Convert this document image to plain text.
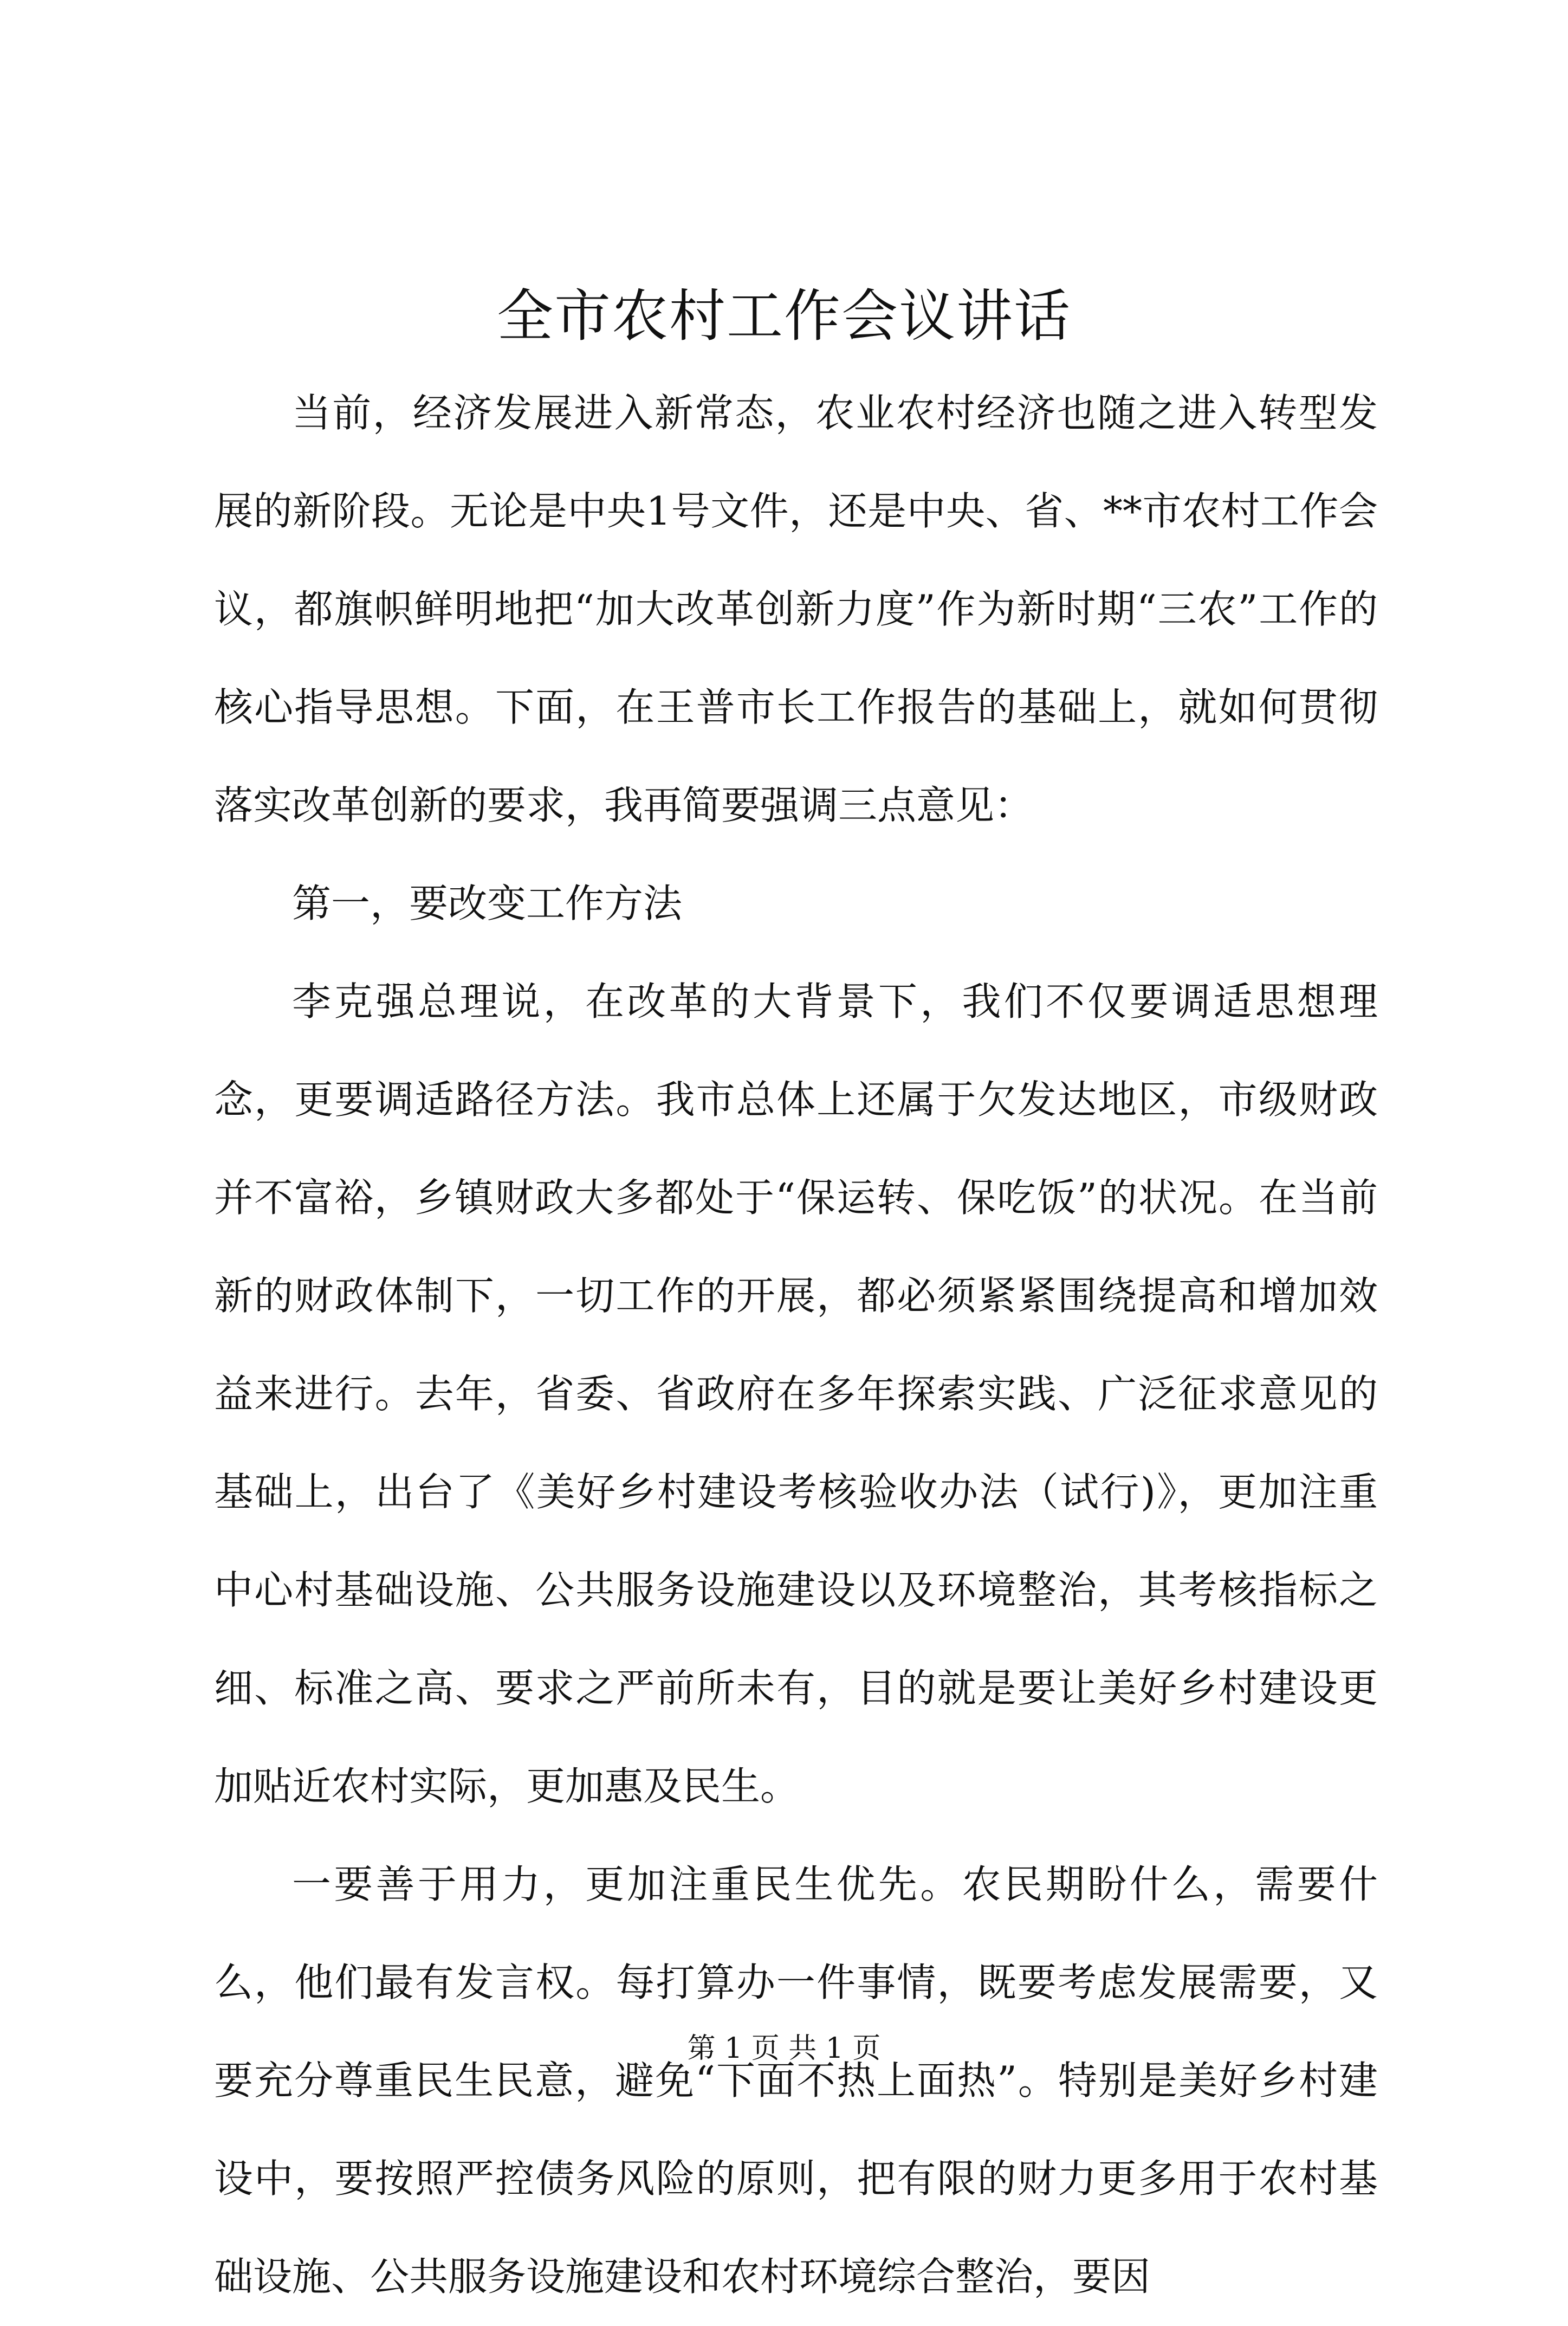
全市农村工作会议讲话

当前，经济发展进入新常态，农业农村经济也随之进入转型发展的新阶段。无论是中央1号文件，还是中央、省、**市农村工作会议，都旗帜鲜明地把“加大改革创新力度”作为新时期“三农”工作的核心指导思想。下面，在王普市长工作报告的基础上，就如何贯彻落实改革创新的要求，我再简要强调三点意见：

第一，要改变工作方法

李克强总理说，在改革的大背景下，我们不仅要调适思想理念，更要调适路径方法。我市总体上还属于欠发达地区，市级财政并不富裕，乡镇财政大多都处于“保运转、保吃饭”的状况。在当前新的财政体制下，一切工作的开展，都必须紧紧围绕提高和增加效益来进行。去年，省委、省政府在多年探索实践、广泛征求意见的基础上，出台了《美好乡村建设考核验收办法（试行)》，更加注重中心村基础设施、公共服务设施建设以及环境整治，其考核指标之细、标准之高、要求之严前所未有，目的就是要让美好乡村建设更加贴近农村实际，更加惠及民生。

一要善于用力，更加注重民生优先。农民期盼什么，需要什么，他们最有发言权。每打算办一件事情，既要考虑发展需要，又要充分尊重民生民意，避免“下面不热上面热”。特别是美好乡村建设中，要按照严控债务风险的原则，把有限的财力更多用于农村基础设施、公共服务设施建设和农村环境综合整治，要因

第 1 页 共 1 页
